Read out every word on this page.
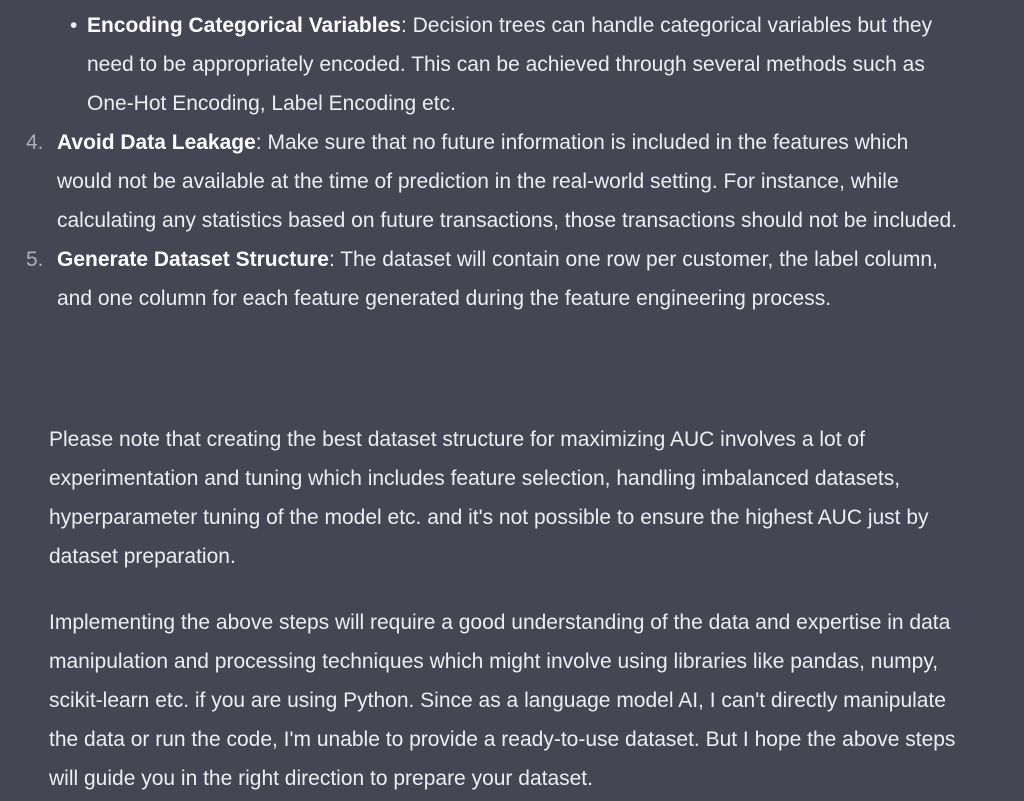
• Encoding Categorical Variables: Decision trees can handle categorical variables but they need to be appropriately encoded. This can be achieved through several methods such as One-Hot Encoding, Label Encoding etc.
4. Avoid Data Leakage: Make sure that no future information is included in the features which would not be available at the time of prediction in the real-world setting. For instance, while calculating any statistics based on future transactions, those transactions should not be included.
5. Generate Dataset Structure: The dataset will contain one row per customer, the label column, and one column for each feature generated during the feature engineering process.

Please note that creating the best dataset structure for maximizing AUC involves a lot of experimentation and tuning which includes feature selection, handling imbalanced datasets, hyperparameter tuning of the model etc. and it's not possible to ensure the highest AUC just by dataset preparation.

Implementing the above steps will require a good understanding of the data and expertise in data manipulation and processing techniques which might involve using libraries like pandas, numpy, scikit-learn etc. if you are using Python. Since as a language model AI, I can't directly manipulate the data or run the code, I'm unable to provide a ready-to-use dataset. But I hope the above steps will guide you in the right direction to prepare your dataset.
